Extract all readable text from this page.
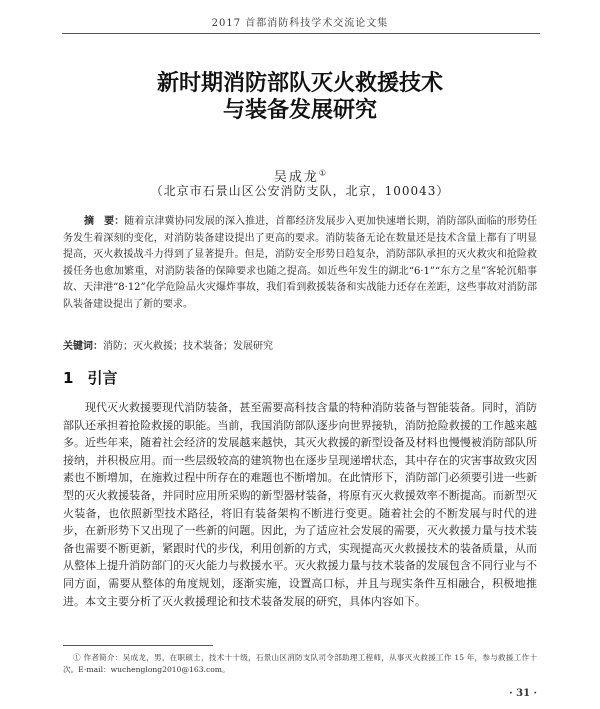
2017 首都消防科技学术交流论文集
新时期消防部队灭火救援技术
与装备发展研究
吴成龙①
（北京市石景山区公安消防支队，北京，100043）
摘　要：随着京津冀协同发展的深入推进，首都经济发展步入更加快速增长期，消防部队面临的形势任务发生着深刻的变化，对消防装备建设提出了更高的要求。消防装备无论在数量还是技术含量上都有了明显提高，灭火救援战斗力得到了显著提升。但是，消防安全形势日趋复杂，消防部队承担的灭火救灾和抢险救援任务也愈加繁重，对消防装备的保障要求也随之提高。如近些年发生的湖北“6·1”“东方之星”客轮沉船事故、天津港“8·12”化学危险品火灾爆炸事故，我们看到救援装备和实战能力还存在差距，这些事故对消防部队装备建设提出了新的要求。
关键词：消防；灭火救援；技术装备；发展研究
1 引言
现代灭火救援要现代消防装备，甚至需要高科技含量的特种消防装备与智能装备。同时，消防部队还承担着抢险救援的职能。当前，我国消防部队逐步向世界接轨，消防抢险救援的工作越来越多。近些年来，随着社会经济的发展越来越快，其灭火救援的新型设备及材料也慢慢被消防部队所接纳，并积极应用。而一些层级较高的建筑物也在逐步呈现递增状态，其中存在的灾害事故致灾因素也不断增加，在施救过程中所存在的难题也不断增加。在此情形下，消防部门必须要引进一些新型的灭火救援装备，并同时应用所采购的新型器材装备，将原有灭火救援效率不断提高。而新型灭火装备，也依照新型技术路径，将旧有装备架构不断进行变更。随着社会的不断发展与时代的进步，在新形势下又出现了一些新的问题。因此，为了适应社会发展的需要，灭火救援力量与技术装备也需要不断更新，紧跟时代的步伐，利用创新的方式，实现提高灭火救援技术的装备质量，从而从整体上提升消防部门的灭火能力与救援水平。灭火救援力量与技术装备的发展包含不同行业与不同方面，需要从整体的角度规划，逐渐实施，设置高口标，并且与现实条件互相融合，积极地推进。本文主要分析了灭火救援理论和技术装备发展的研究，具体内容如下。
① 作者简介：吴成龙，男，在职硕士，技术十十级，石景山区消防支队司令部助理工程师，从事灭火救援工作 15 年，参与救援工作十次。E-mail：wuchenglong2010@163.com。
· 31 ·
